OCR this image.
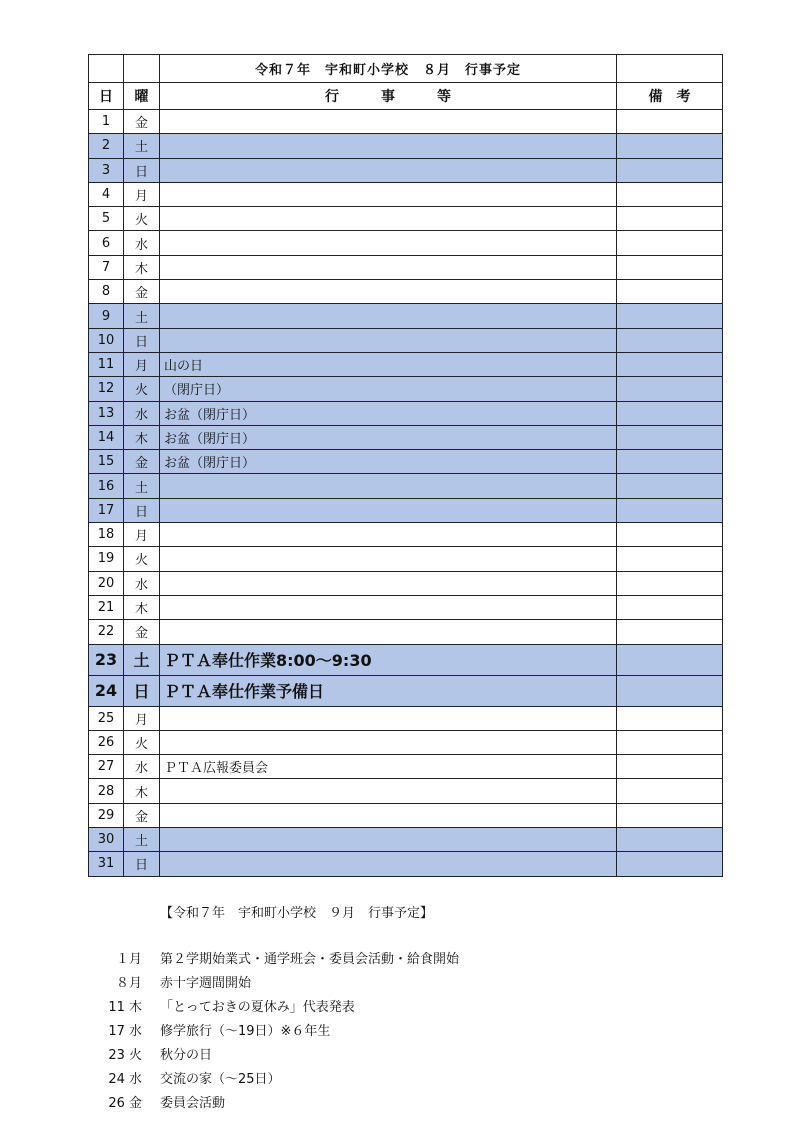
		令和７年　宇和町小学校　８月　行事予定	
日	曜	行　　　事　　　等	備　考
1	金		
2	土		
3	日		
4	月		
5	火		
6	水		
7	木		
8	金		
9	土		
10	日		
11	月	山の日	
12	火	（閉庁日）	
13	水	お盆（閉庁日）	
14	木	お盆（閉庁日）	
15	金	お盆（閉庁日）	
16	土		
17	日		
18	月		
19	火		
20	水		
21	木		
22	金		
23	土	ＰＴＡ奉仕作業8:00～9:30	
24	日	ＰＴＡ奉仕作業予備日	
25	月		
26	火		
27	水	ＰＴＡ広報委員会	
28	木		
29	金		
30	土		
31	日		
【令和７年　宇和町小学校　９月　行事予定】
１月 第２学期始業式・通学班会・委員会活動・給食開始
８月 赤十字週間開始
11 木 「とっておきの夏休み」代表発表
17 水 修学旅行（～19日）※６年生
23 火 秋分の日
24 水 交流の家（～25日）
26 金 委員会活動
